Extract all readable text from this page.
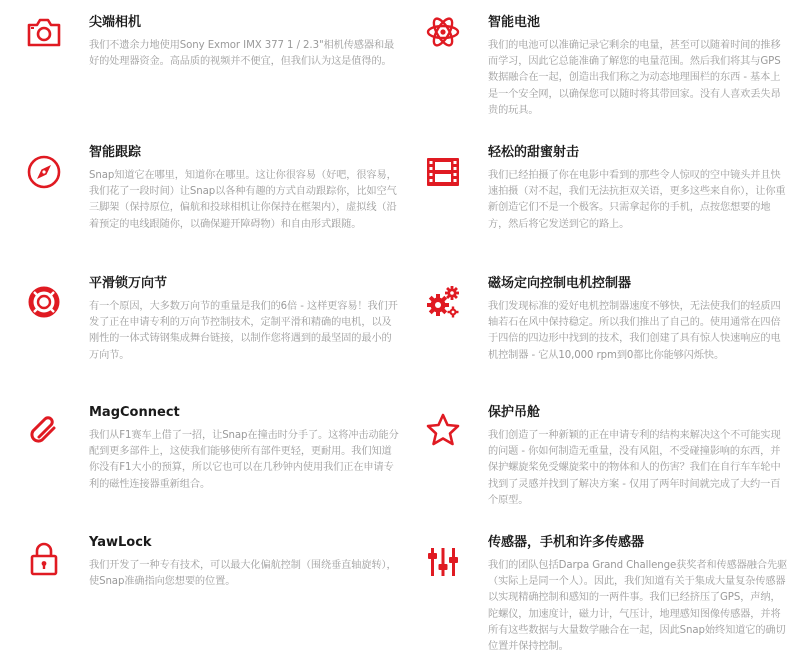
尖端相机
我们不遗余力地使用Sony Exmor IMX 377 1 / 2.3"相机传感器和最好的处理器资金。高品质的视频并不便宜，但我们认为这是值得的。
智能电池
我们的电池可以准确记录它剩余的电量，甚至可以随着时间的推移而学习，因此它总能准确了解您的电量范围。然后我们将其与GPS数据融合在一起，创造出我们称之为动态地理围栏的东西 - 基本上是一个安全网，以确保您可以随时将其带回家。没有人喜欢丢失昂贵的玩具。
智能跟踪
Snap知道它在哪里，知道你在哪里。这让你很容易（好吧，很容易，我们花了一段时间）让Snap以各种有趣的方式自动跟踪你，比如空气三脚架（保持原位，偏航和投球相机让你保持在框架内），虚拟线（沿着预定的电线跟随你，以确保避开障碍物）和自由形式跟随。
轻松的甜蜜射击
我们已经拍摄了你在电影中看到的那些令人惊叹的空中镜头并且快速拍摄（对不起，我们无法抗拒双关语，更多这些来自你），让你重新创造它们不是一个极客。只需拿起你的手机，点按您想要的地方，然后将它发送到它的路上。
平滑锁万向节
有一个原因，大多数万向节的重量是我们的6倍 - 这样更容易！我们开发了正在申请专利的万向节控制技术，定制平滑和精确的电机，以及刚性的一体式铸钢集成舞台链接，以制作您将遇到的最坚固的最小的万向节。
磁场定向控制电机控制器
我们发现标准的爱好电机控制器速度不够快，无法使我们的轻质四轴若石在风中保持稳定。所以我们推出了自己的。使用通常在四倍于四倍的四边形中找到的技术，我们创建了具有惊人快速响应的电机控制器 - 它从10,000 rpm到0都比你能够闪烁快。
MagConnect
我们从F1赛车上借了一招，让Snap在撞击时分手了。这将冲击动能分配到更多部件上，这使我们能够使所有部件更轻，更耐用。我们知道你没有F1大小的预算，所以它也可以在几秒钟内使用我们正在申请专利的磁性连接器重新组合。
保护吊舱
我们创造了一种新颖的正在申请专利的结构来解决这个不可能实现的问题 - 你如何制造无重量，没有风阻，不受碰撞影响的东西，并保护螺旋桨免受螺旋桨中的物体和人的伤害？我们在自行车车轮中找到了灵感并找到了解决方案 - 仅用了两年时间就完成了大约一百个原型。
YawLock
我们开发了一种专有技术，可以最大化偏航控制（围绕垂直轴旋转），使Snap准确指向您想要的位置。
传感器，手机和许多传感器
我们的团队包括Darpa Grand Challenge获奖者和传感器融合先驱（实际上是同一个人）。因此，我们知道有关于集成大量复杂传感器以实现精确控制和感知的一两件事。我们已经挤压了GPS，声纳，陀螺仪，加速度计，磁力计，气压计，地理感知图像传感器，并将所有这些数据与大量数学融合在一起，因此Snap始终知道它的确切位置并保持控制。
